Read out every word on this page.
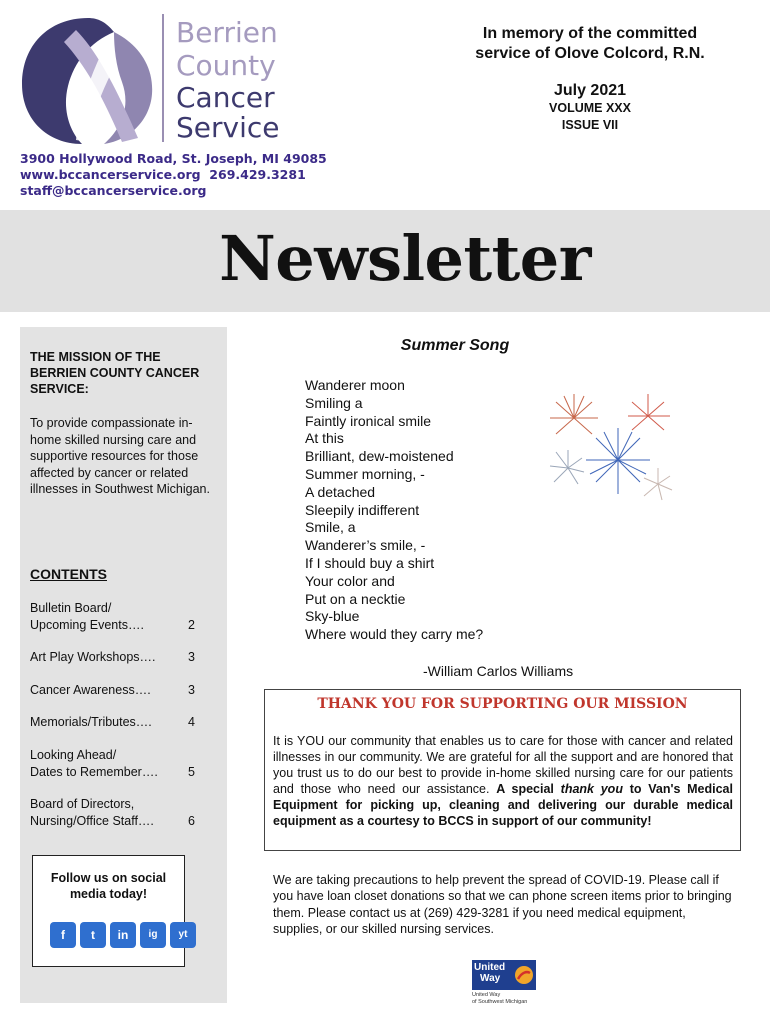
Berrien
County
Cancer
Service
3900 Hollywood Road, St. Joseph, MI 49085
www.bccancerservice.org  269.429.3281
staff@bccancerservice.org
In memory of the committed
service of Olove Colcord, R.N.
July 2021
VOLUME XXX
ISSUE VII
Newsletter
THE MISSION OF THE BERRIEN COUNTY CANCER SERVICE:
To provide compassionate in-home skilled nursing care and supportive resources for those affected by cancer or related illnesses in Southwest Michigan.
CONTENTS
Bulletin Board/
Upcoming Events….	2
Art Play Workshops….	3
Cancer Awareness….	3
Memorials/Tributes….	4
Looking Ahead/
Dates to Remember….	5
Board of Directors,
Nursing/Office Staff….	6
Follow us on social
media today!
f	t	in	ig	yt
Summer Song
Wanderer moon
Smiling a
Faintly ironical smile
At this
Brilliant, dew-moistened
Summer morning, -
A detached
Sleepily indifferent
Smile, a
Wanderer’s smile, -
If I should buy a shirt
Your color and
Put on a necktie
Sky-blue
Where would they carry me?
-William Carlos Williams
THANK YOU FOR SUPPORTING OUR MISSION
It is YOU our community that enables us to care for those with cancer and related illnesses in our community. We are grateful for all the support and are honored that you trust us to do our best to provide in-home skilled nursing care for our patients and those who need our assistance. A special thank you to Van's Medical Equipment for picking up, cleaning and delivering our durable medical equipment as a courtesy to BCCS in support of our community!
We are taking precautions to help prevent the spread of COVID-19. Please call if you have loan closet donations so that we can phone screen items prior to bringing them. Please contact us at (269) 429-3281 if you need medical equipment, supplies, or our skilled nursing services.
United
Way
United Way
of Southwest Michigan
